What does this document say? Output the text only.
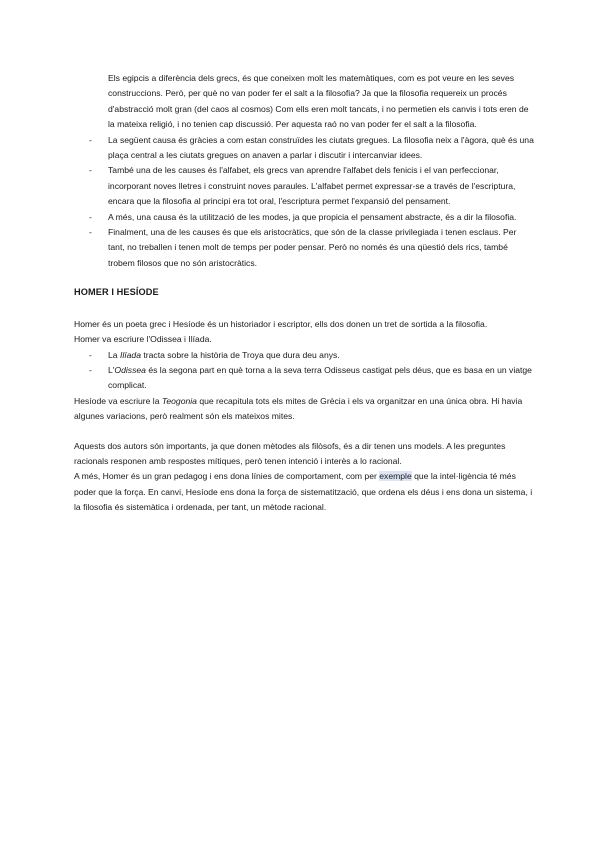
Els egipcis a diferència dels grecs, és que coneixen molt les matemàtiques, com es pot veure en les seves construccions. Però, per què no van poder fer el salt a la filosofia? Ja que la filosofia requereix un procés d'abstracció molt gran (del caos al cosmos) Com ells eren molt tancats, i no permetien els canvis i tots eren de la mateixa religió, i no tenien cap discussió. Per aquesta raó no van poder fer el salt a la filosofia.

- La següent causa és gràcies a com estan construïdes les ciutats gregues. La filosofia neix a l'àgora, què és una plaça central a les ciutats gregues on anaven a parlar i discutir i intercanviar idees.
- També una de les causes és l'alfabet, els grecs van aprendre l'alfabet dels fenicis i el van perfeccionar, incorporant noves lletres i construint noves paraules. L'alfabet permet expressar-se a través de l'escriptura, encara que la filosofia al principi era tot oral, l'escriptura permet l'expansió del pensament.
- A més, una causa és la utilització de les modes, ja que propicia el pensament abstracte, és a dir la filosofia.
- Finalment, una de les causes és que els aristocràtics, que són de la classe privilegiada i tenen esclaus. Per tant, no treballen i tenen molt de temps per poder pensar. Però no només és una qüestió dels rics, també trobem filosos que no són aristocràtics.
HOMER I HESÍODE

Homer és un poeta grec i Hesíode és un historiador i escriptor, ells dos donen un tret de sortida a la filosofia.

Homer va escriure l'Odissea i Ilíada.

- La Ilíada tracta sobre la història de Troya que dura deu anys.
- L'Odissea és la segona part en què torna a la seva terra Odisseus castigat pels déus, que es basa en un viatge complicat.

Hesíode va escriure la Teogonia que recapitula tots els mites de Grècia i els va organitzar en una única obra. Hi havia algunes variacions, però realment són els mateixos mites.

Aquests dos autors són importants, ja que donen mètodes als filòsofs, és a dir tenen uns models. A les preguntes racionals responen amb respostes mítiques, però tenen intenció i interès a lo racional.

A més, Homer és un gran pedagog i ens dona línies de comportament, com per exemple que la intel·ligència té més poder que la força. En canvi, Hesíode ens dona la força de sistematització, que ordena els déus i ens dona un sistema, i la filosofia és sistemàtica i ordenada, per tant, un mètode racional.
